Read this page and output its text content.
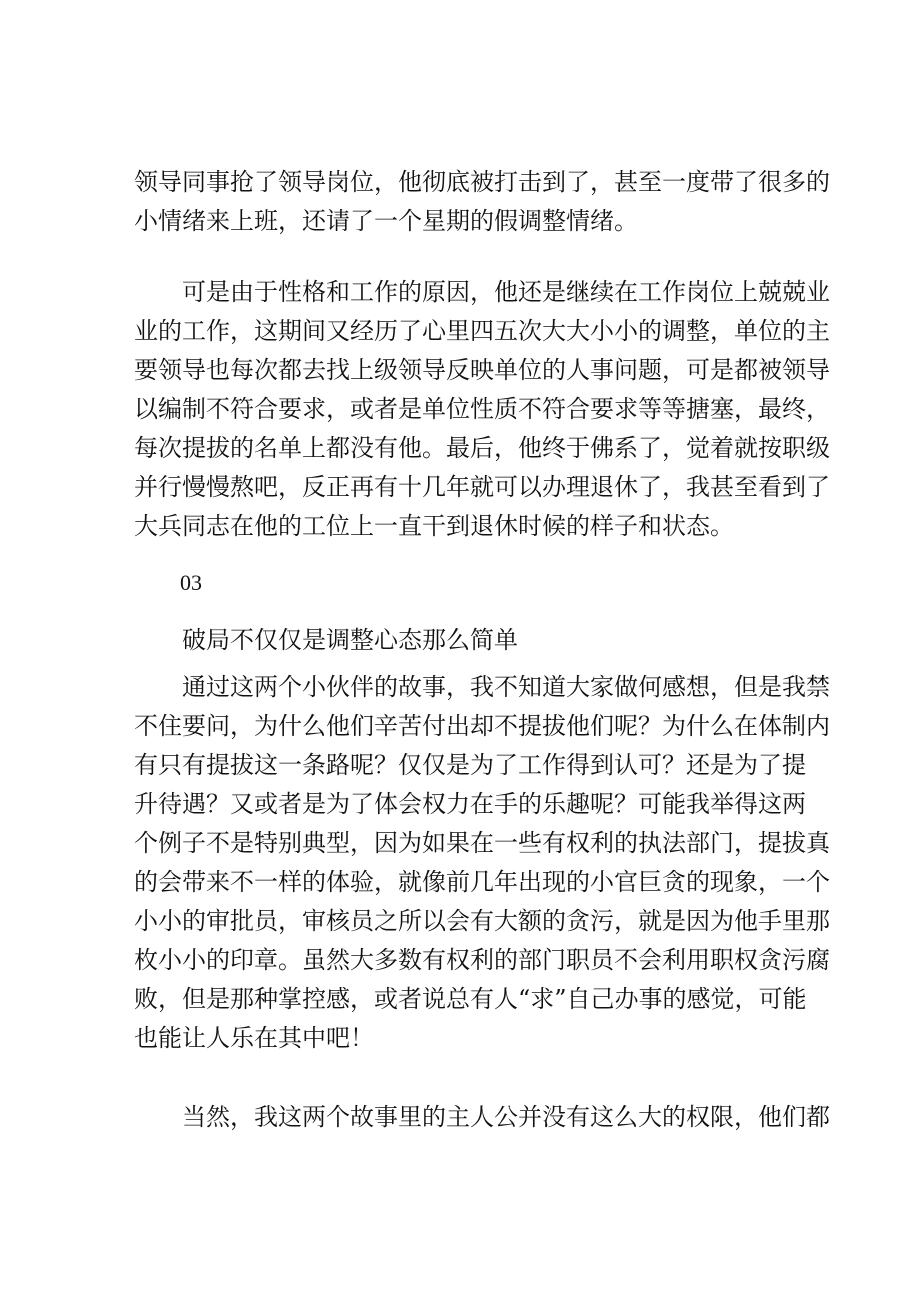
领导同事抢了领导岗位，他彻底被打击到了，甚至一度带了很多的
小情绪来上班，还请了一个星期的假调整情绪。
可是由于性格和工作的原因，他还是继续在工作岗位上兢兢业
业的工作，这期间又经历了心里四五次大大小小的调整，单位的主
要领导也每次都去找上级领导反映单位的人事问题，可是都被领导
以编制不符合要求，或者是单位性质不符合要求等等搪塞，最终，
每次提拔的名单上都没有他。最后，他终于佛系了，觉着就按职级
并行慢慢熬吧，反正再有十几年就可以办理退休了，我甚至看到了
大兵同志在他的工位上一直干到退休时候的样子和状态。
03
破局不仅仅是调整心态那么简单
通过这两个小伙伴的故事，我不知道大家做何感想，但是我禁
不住要问，为什么他们辛苦付出却不提拔他们呢？为什么在体制内
有只有提拔这一条路呢？仅仅是为了工作得到认可？还是为了提
升待遇？又或者是为了体会权力在手的乐趣呢？可能我举得这两
个例子不是特别典型，因为如果在一些有权利的执法部门，提拔真
的会带来不一样的体验，就像前几年出现的小官巨贪的现象，一个
小小的审批员，审核员之所以会有大额的贪污，就是因为他手里那
枚小小的印章。虽然大多数有权利的部门职员不会利用职权贪污腐
败，但是那种掌控感，或者说总有人“求”自己办事的感觉，可能
也能让人乐在其中吧！
当然，我这两个故事里的主人公并没有这么大的权限，他们都
